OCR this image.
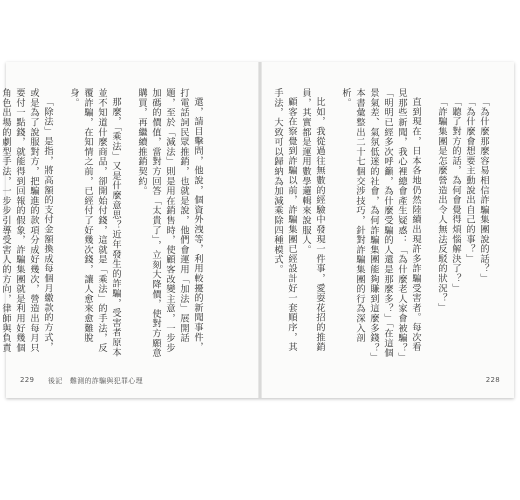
還，請目擊問，他說，個資外洩等，利用較擾的新聞事件，打電話詞民眾推銷，也就是說，他們會運用「加法」展開話題，至於「減法」則是用在銷售時，使顧客改變主意，一步步加碼的價值，當對方回答「太貴了」，立刻大降價，使對方願意購買，再繼續推銷契約。

那麼，「乘法」又是什麼意思？近年發生的詐騙，受害者原本並不知道什麼商品，卻開始付錢，這就是「乘法」的手法，反覆詐騙，在知情之前，已經付了好幾次錢，讓人愈來愈難脫身。

「除法」是指，將高額的支付金額換成每個月繳款的方式，或是為了說服對方，把騙進的款項分成好幾次，營造出每月只要付一點錢，就能得到回報的假象，詐騙集團就是利用好幾個角色出場的劇型手法，一步步引導受害人的方向，律師與負責

229 後記　難測的詐騙與犯罪心理

「為什麼那麼容易相信詐騙集團說的話？」

「為什麼會想要主動說出自己的事？」

「聽了對方的話，為何會覺得煩惱解決了？」

「詐騙集團是怎麼營造出令人無法反駁的狀況？」

直到現在，日本各地仍然陸續出現許多詐騙受害者。每次看見那些新聞，我心裡總會產生疑惑：「為什麼老人家會被騙？」「明明已經多次呼籲，為什麼受騙的人還是那麼多？」「在這個景氣差、氣氛低迷的社會，為何詐騙集團能夠賺到這麼多錢？」本書彙整出二十七個交涉技巧，針對詐騙集團的行為深入剖析。

比如，我從過往無數的經驗中發現一件事，愛耍花招的推銷員，其實都是運用數學邏輯來說服人。

顧客在察覺到詐騙以前，詐騙集團已經設計好一套順序，其手法，大致可以歸納為加減乘除四種模式。

228
